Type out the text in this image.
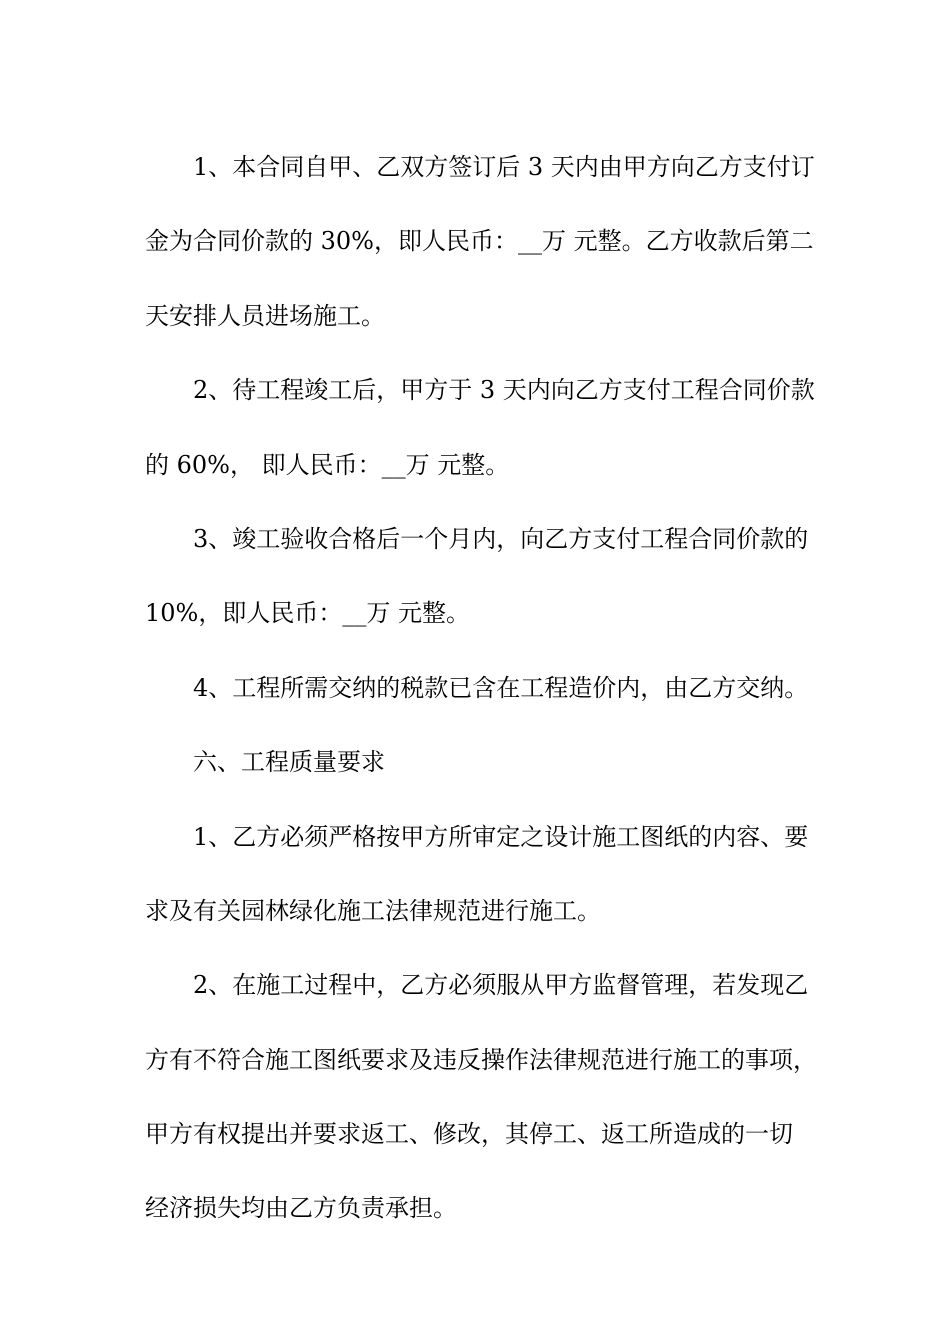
1、本合同自甲、乙双方签订后 3 天内由甲方向乙方支付订
金为合同价款的 30%，即人民币：__万 元整。乙方收款后第二
天安排人员进场施工。
2、待工程竣工后，甲方于 3 天内向乙方支付工程合同价款
的 60%， 即人民币：__万 元整。
3、竣工验收合格后一个月内，向乙方支付工程合同价款的
10%，即人民币：__万 元整。
4、工程所需交纳的税款已含在工程造价内，由乙方交纳。
六、工程质量要求
1、乙方必须严格按甲方所审定之设计施工图纸的内容、要
求及有关园林绿化施工法律规范进行施工。
2、在施工过程中，乙方必须服从甲方监督管理，若发现乙
方有不符合施工图纸要求及违反操作法律规范进行施工的事项，
甲方有权提出并要求返工、修改，其停工、返工所造成的一切
经济损失均由乙方负责承担。
